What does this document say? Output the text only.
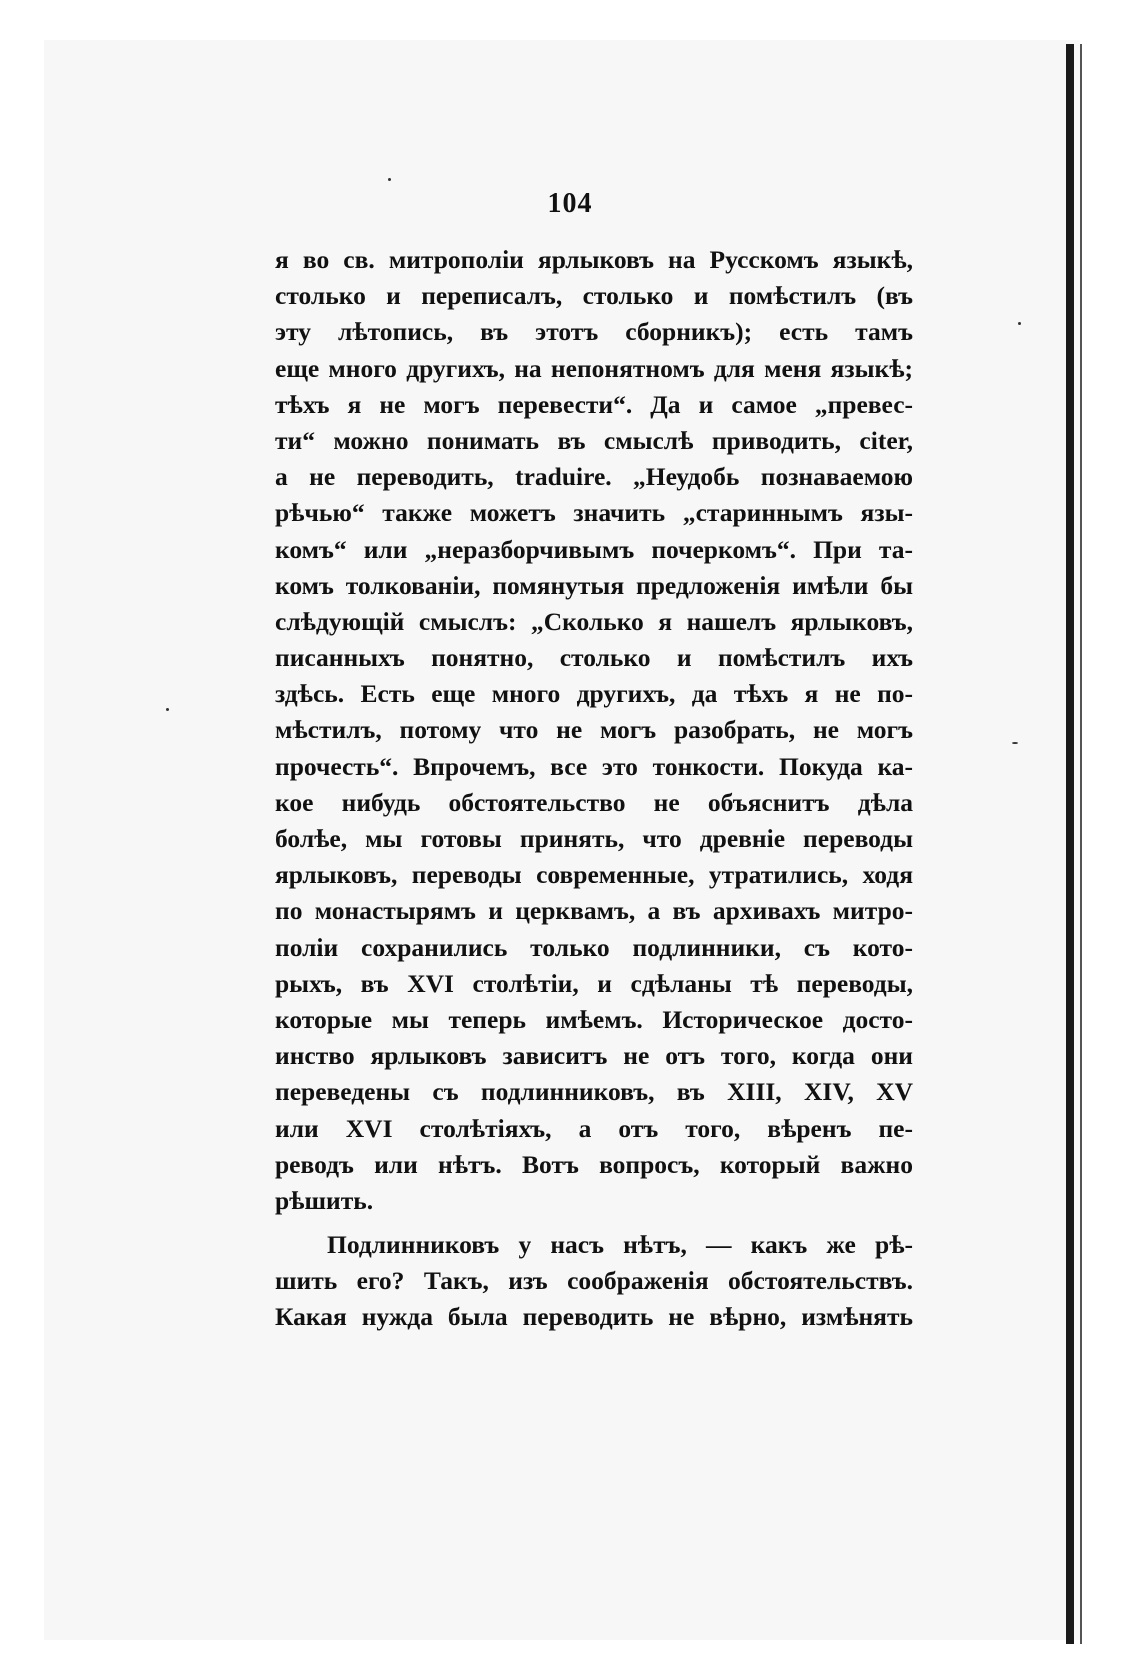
104
я во св. митрополіи ярлыковъ на Русскомъ языкѣ,
столько и переписалъ, столько и помѣстилъ (въ
эту лѣтопись, въ этотъ сборникъ); есть тамъ
еще много другихъ, на непонятномъ для меня языкѣ;
тѣхъ я не могъ перевести“. Да и самое „превес-
ти“ можно понимать въ смыслѣ приводить, citer,
а не переводить, traduire. „Неудобь познаваемою
рѣчью“ также можетъ значить „стариннымъ язы-
комъ“ или „неразборчивымъ почеркомъ“. При та-
комъ толкованіи, помянутыя предложенія имѣли бы
слѣдующій смыслъ: „Сколько я нашелъ ярлыковъ,
писанныхъ понятно, столько и помѣстилъ ихъ
здѣсь. Есть еще много другихъ, да тѣхъ я не по-
мѣстилъ, потому что не могъ разобрать, не могъ
прочесть“. Впрочемъ, все это тонкости. Покуда ка-
кое нибудь обстоятельство не объяснитъ дѣла
болѣе, мы готовы принять, что древніе переводы
ярлыковъ, переводы современные, утратились, ходя
по монастырямъ и церквамъ, а въ архивахъ митро-
поліи сохранились только подлинники, съ кото-
рыхъ, въ XVI столѣтіи, и сдѣланы тѣ переводы,
которые мы теперь имѣемъ. Историческое досто-
инство ярлыковъ зависитъ не отъ того, когда они
переведены съ подлинниковъ, въ XIII, XIV, XV
или XVI столѣтіяхъ, а отъ того, вѣренъ пе-
реводъ или нѣтъ. Вотъ вопросъ, который важно
рѣшить.
Подлинниковъ у насъ нѣтъ, — какъ же рѣ-
шить его? Такъ, изъ соображенія обстоятельствъ.
Какая нужда была переводить не вѣрно, измѣнять
